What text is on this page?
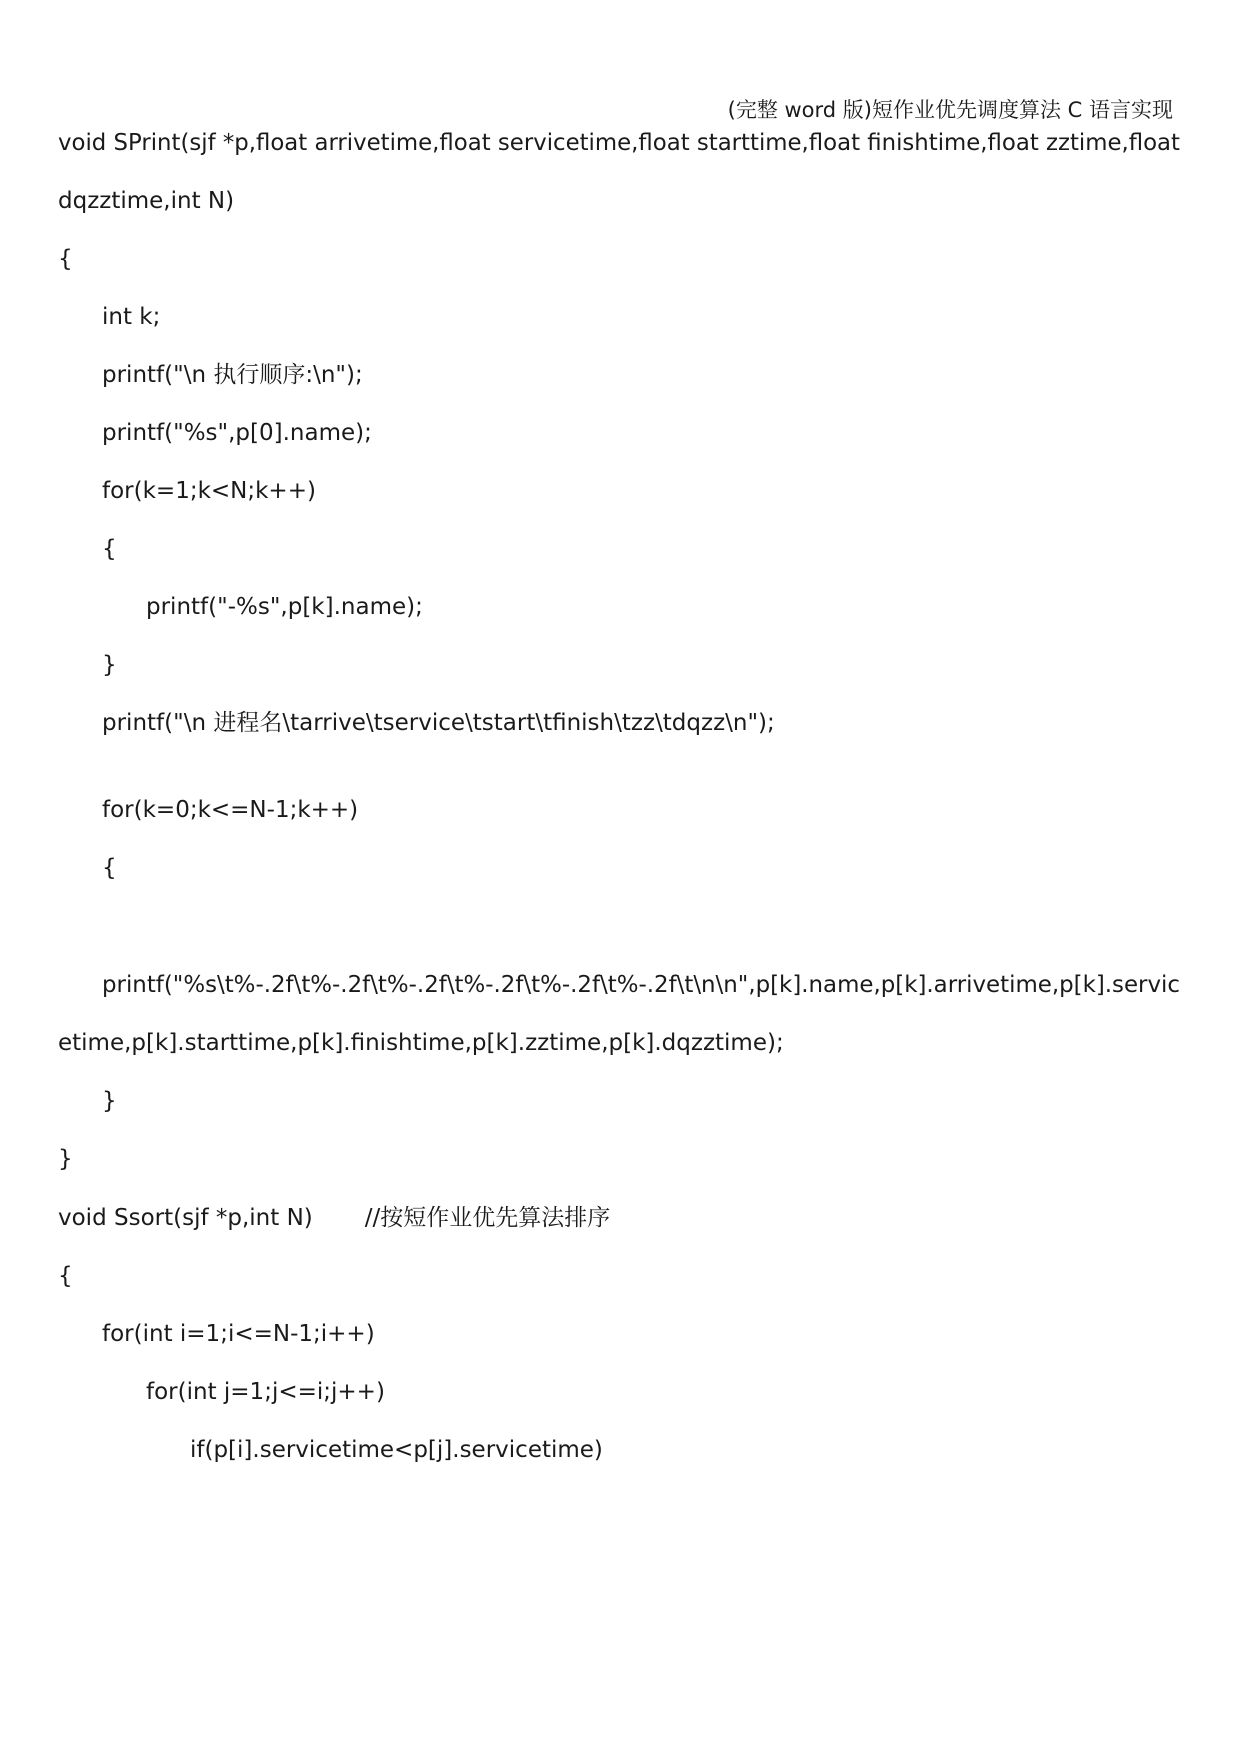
(完整 word 版)短作业优先调度算法 C 语言实现
void SPrint(sjf *p,float arrivetime,float servicetime,float starttime,float finishtime,float zztime,float
dqzztime,int N)
{
int k;
printf("\n 执行顺序:\n");
printf("%s",p[0].name);
for(k=1;k<N;k++)
{
printf("-%s",p[k].name);
}
printf("\n 进程名\tarrive\tservice\tstart\tfinish\tzz\tdqzz\n");
for(k=0;k<=N-1;k++)
{
printf("%s\t%-.2f\t%-.2f\t%-.2f\t%-.2f\t%-.2f\t%-.2f\t\n\n",p[k].name,p[k].arrivetime,p[k].servic
etime,p[k].starttime,p[k].finishtime,p[k].zztime,p[k].dqzztime);
}
}
void Ssort(sjf *p,int N) //按短作业优先算法排序
{
for(int i=1;i<=N-1;i++)
for(int j=1;j<=i;j++)
if(p[i].servicetime<p[j].servicetime)
